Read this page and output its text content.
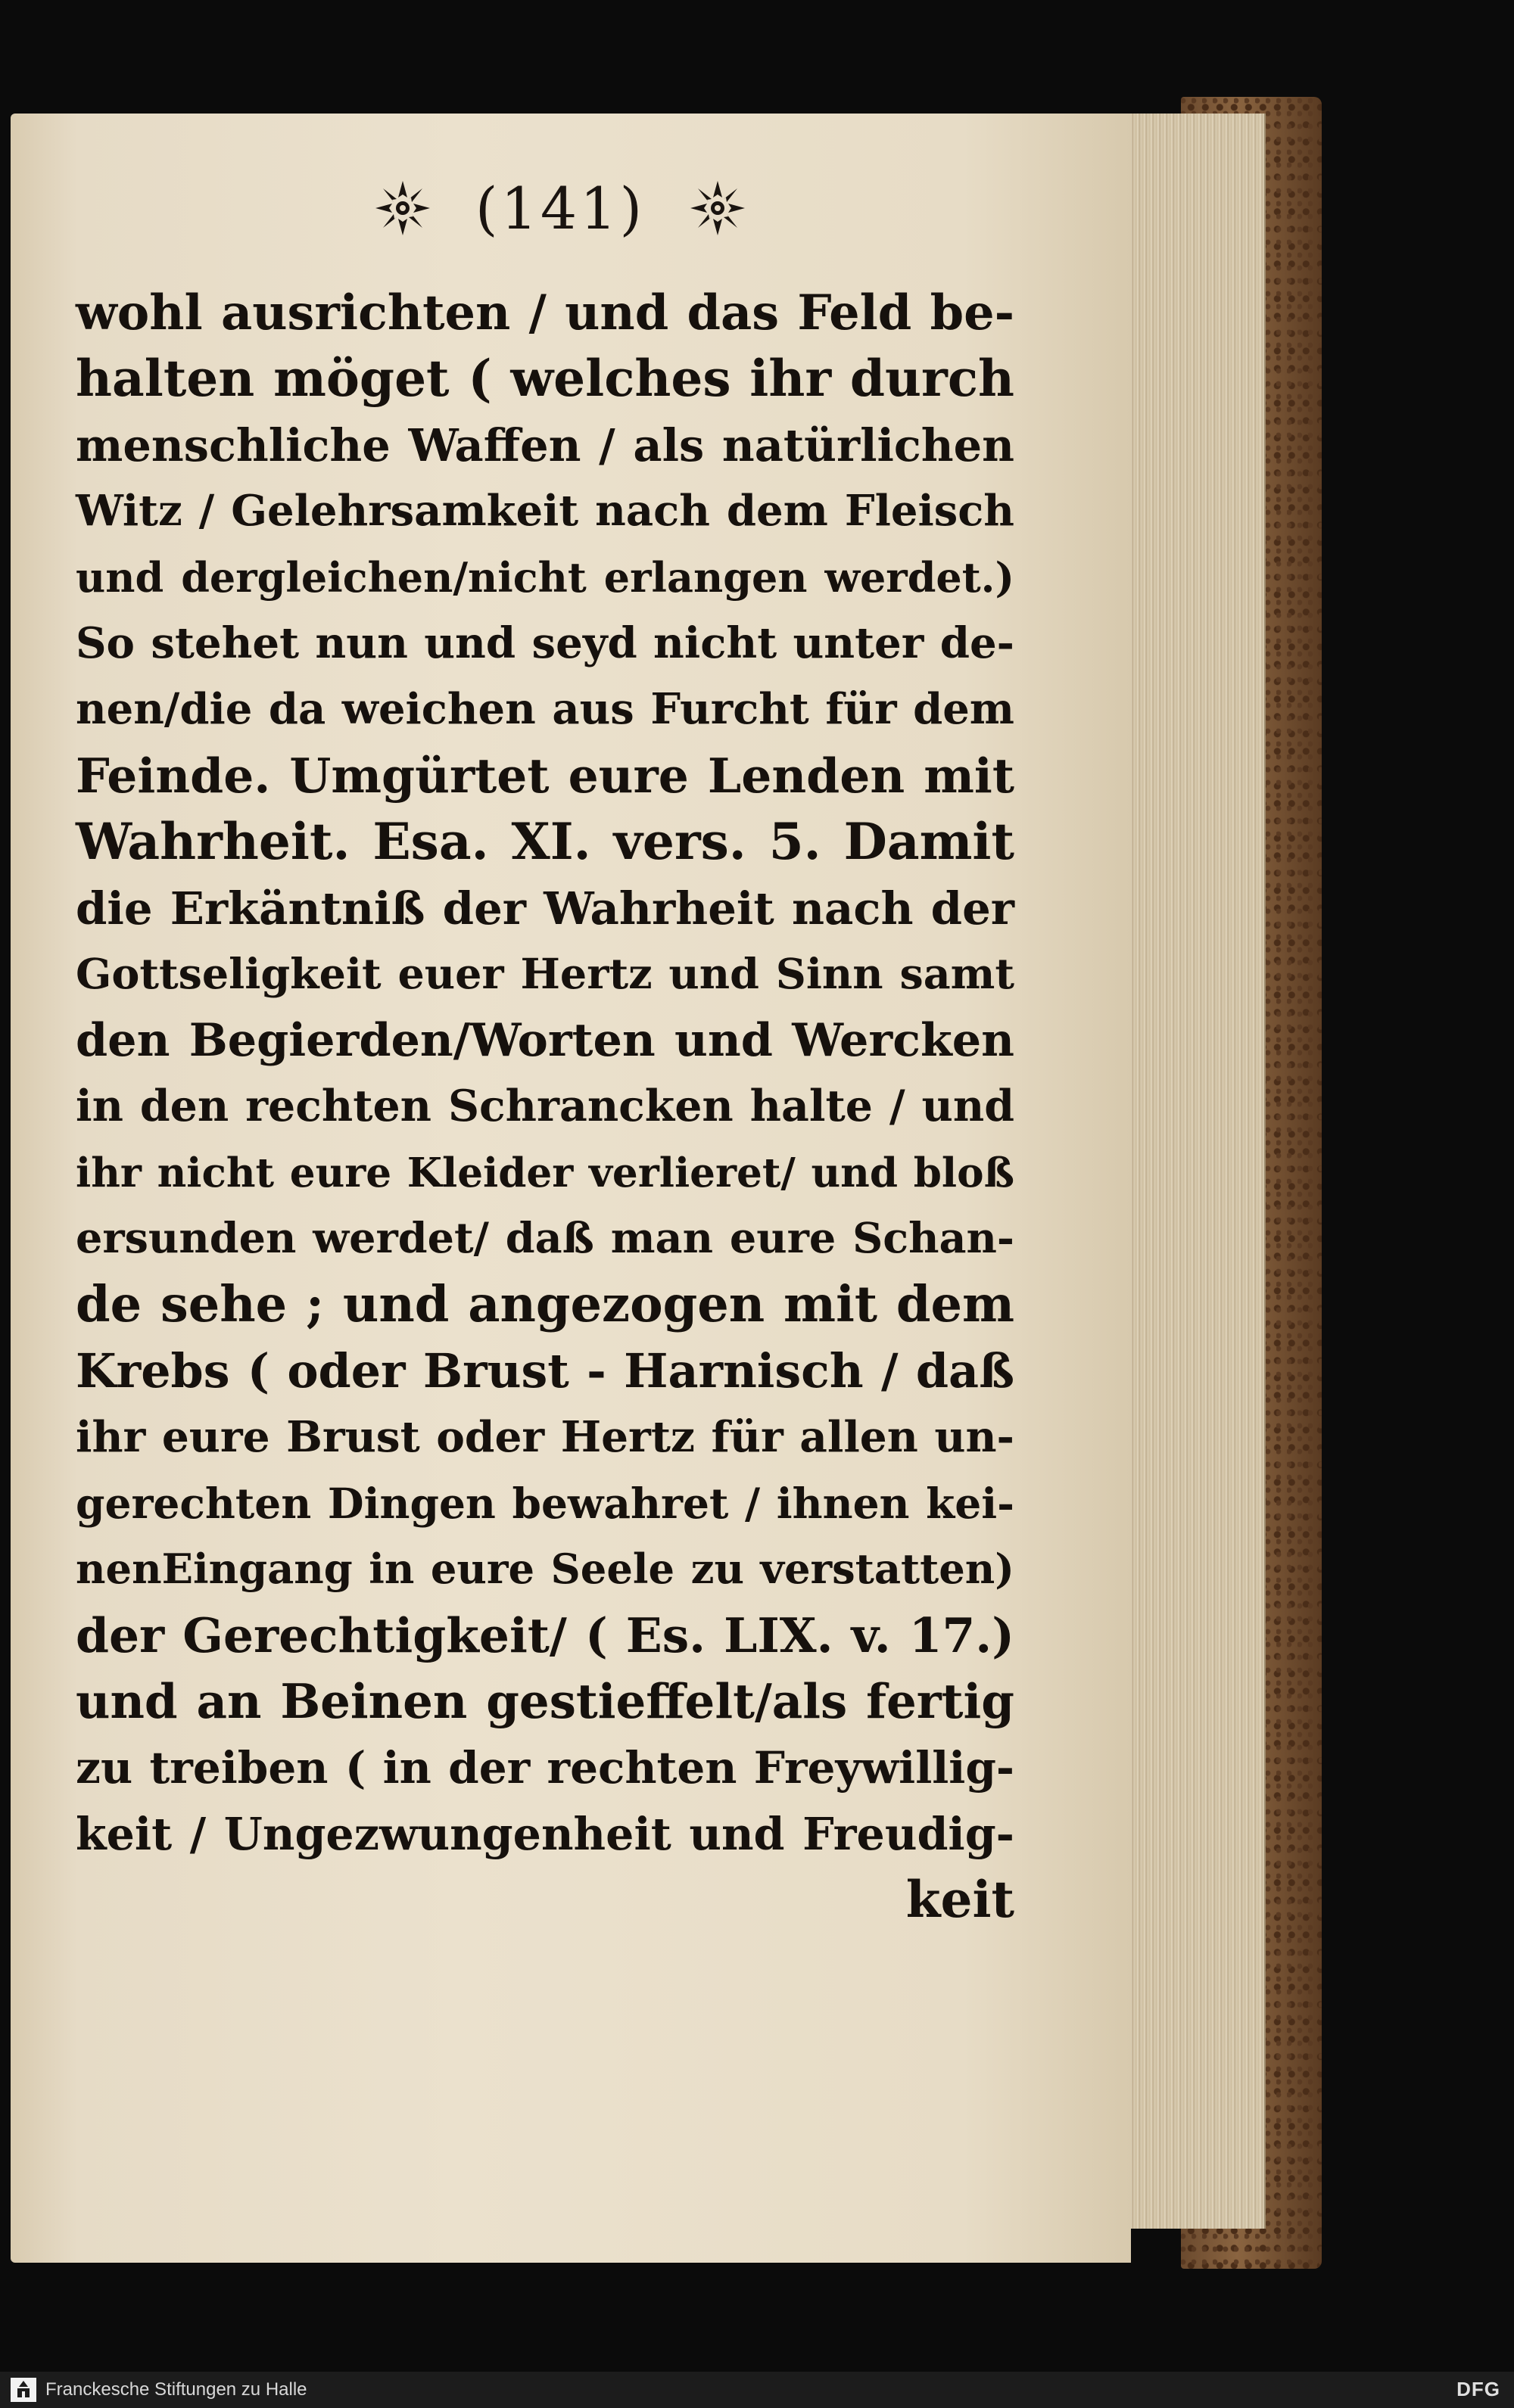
(141)
wohl ausrichten / und das Feld be-
halten möget ( welches ihr durch
menschliche Waffen / als natürlichen
Witz / Gelehrsamkeit nach dem Fleisch
und dergleichen/nicht erlangen werdet.)
So stehet nun und seyd nicht unter de-
nen/die da weichen aus Furcht für dem
Feinde. Umgürtet eure Lenden mit
Wahrheit. Esa. XI. vers. 5. Damit
die Erkäntniß der Wahrheit nach der
Gottseligkeit euer Hertz und Sinn samt
den Begierden/Worten und Wercken
in den rechten Schrancken halte / und
ihr nicht eure Kleider verlieret/ und bloß
ersunden werdet/ daß man eure Schan-
de sehe ; und angezogen mit dem
Krebs ( oder Brust - Harnisch / daß
ihr eure Brust oder Hertz für allen un-
gerechten Dingen bewahret / ihnen kei-
nenEingang in eure Seele zu verstatten)
der Gerechtigkeit/ ( Es. LIX. v. 17.)
und an Beinen gestieffelt/als fertig
zu treiben ( in der rechten Freywillig-
keit / Ungezwungenheit und Freudig-
keit
Franckesche Stiftungen zu Halle	DFG
